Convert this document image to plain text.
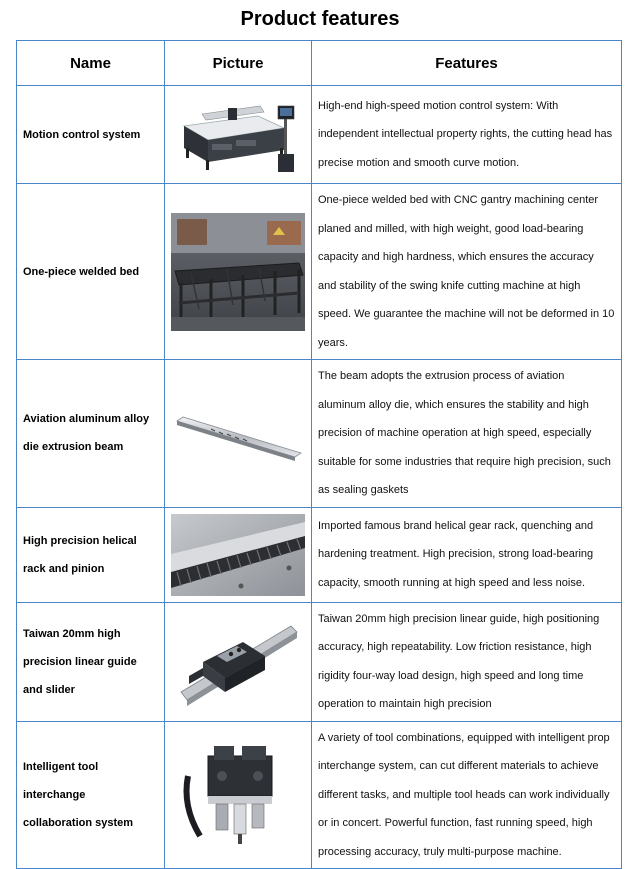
Product features
Name	Picture	Features
Motion control system		High-end high-speed motion control system: With independent intellectual property rights, the cutting head has precise motion and smooth curve motion.
One-piece welded bed		One-piece welded bed with CNC gantry machining center planed and milled, with high weight, good load-bearing capacity and high hardness, which ensures the accuracy and stability of the swing knife cutting machine at high speed. We guarantee the machine will not be deformed in 10 years.
Aviation aluminum alloy die extrusion beam		The beam adopts the extrusion process of aviation aluminum alloy die, which ensures the stability and high precision of machine operation at high speed, especially suitable for some industries that require high precision, such as sealing gaskets
High precision helical rack and pinion		Imported famous brand helical gear rack, quenching and hardening treatment. High precision, strong load-bearing capacity, smooth running at high speed and less noise.
Taiwan 20mm high precision linear guide and slider		Taiwan 20mm high precision linear guide, high positioning accuracy, high repeatability. Low friction resistance, high rigidity four-way load design, high speed and long time operation to maintain high precision
Intelligent tool interchange collaboration system		A variety of tool combinations, equipped with intelligent prop interchange system, can cut different materials to achieve different tasks, and multiple tool heads can work individually or in concert. Powerful function, fast running speed, high processing accuracy, truly multi-purpose machine.
